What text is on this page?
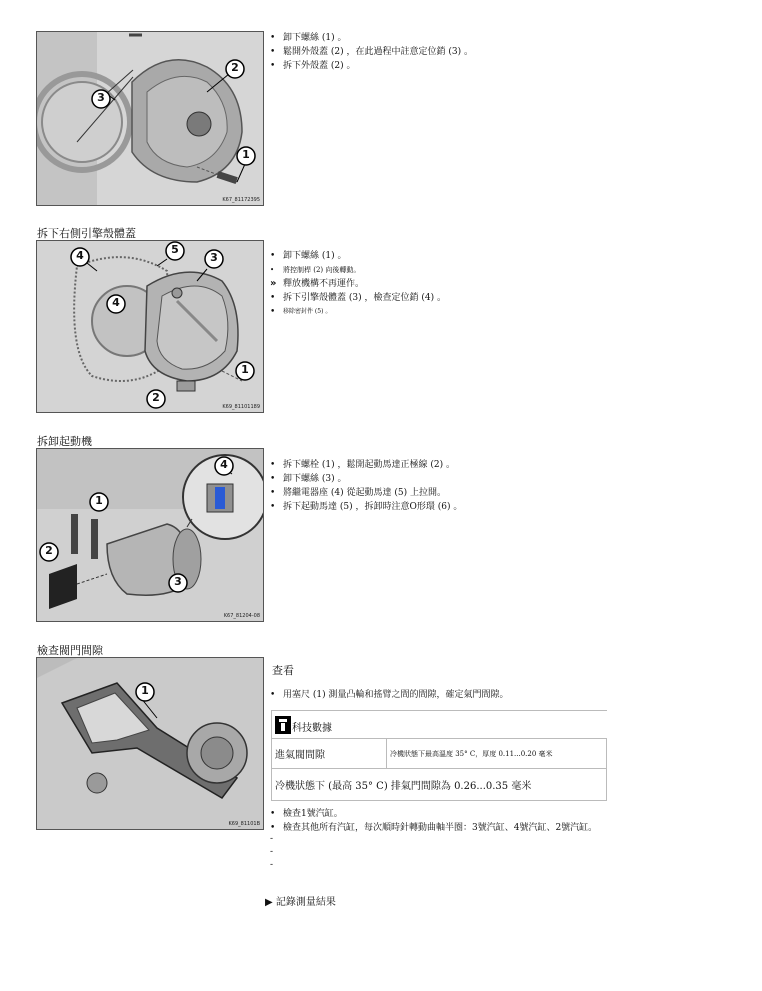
1
2
3
K67_81172395
• 卸下螺絲 (1) 。
• 鬆開外殼蓋 (2) ，在此過程中註意定位銷 (3) 。
• 拆下外殼蓋 (2) 。
拆下右側引擎殼體蓋
1
2
3
4
4
5
K69_81101189
• 卸下螺絲 (1) 。
• 將控制桿 (2) 向後轉動。
» 釋放機構不再運作。
• 拆下引擎殼體蓋 (3) ，檢查定位銷 (4) 。
• 移除密封件 (5) 。
拆卸起動機
1
2
3
4
K67_81204-08
• 拆下螺栓 (1) ，鬆開起動馬達正極線 (2) 。
• 卸下螺絲 (3) 。
• 將繼電器座 (4) 從起動馬達 (5) 上拉開。
• 拆下起動馬達 (5) ，拆卸時注意O形環 (6) 。
檢查閥門間隙
1
K69_81101B
查看
• 用塞尺 (1) 測量凸輪和搖臂之間的間隙，確定氣門間隙。
科技數據
進氣閥間隙	冷機狀態下最高溫度 35° C，厚度 0.11...0.20 毫米
冷機狀態下 (最高 35° C) 排氣門間隙為 0.26...0.35 毫米
• 檢查1號汽缸。
• 檢查其他所有汽缸，每次順時針轉動曲軸半圈：3號汽缸、4號汽缸、2號汽缸。
-
-
-
▶ 記錄測量結果
